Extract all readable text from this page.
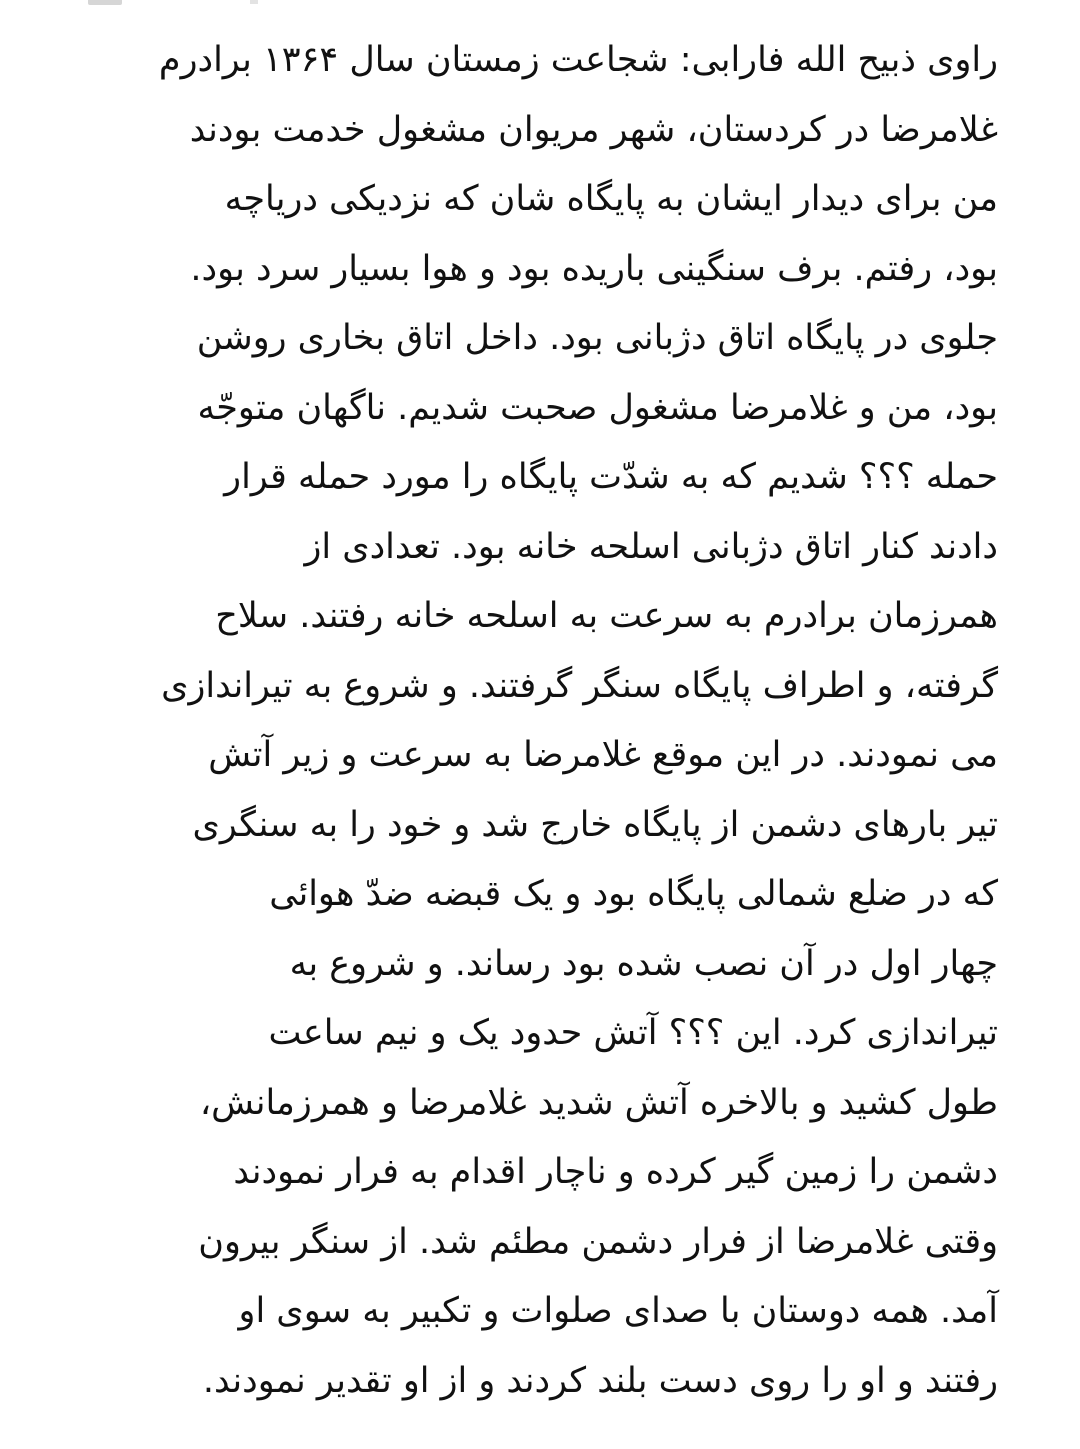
راوی ذبیح الله فارابی: شجاعت زمستان سال ۱۳۶۴ برادرم
غلامرضا در کردستان، شهر مریوان مشغول خدمت بودند
من برای دیدار ایشان به پایگاه شان که نزدیکی دریاچه
بود، رفتم. برف سنگینی باریده بود و هوا بسیار سرد بود.
جلوی در پایگاه اتاق دژبانی بود. داخل اتاق بخاری روشن
بود، من و غلامرضا مشغول صحبت شدیم. ناگهان متوجّه
حمله ؟؟؟ شدیم که به شدّت پایگاه را مورد حمله قرار
دادند کنار اتاق دژبانی اسلحه خانه بود. تعدادی از
همرزمان برادرم به سرعت به اسلحه خانه رفتند. سلاح
گرفته، و اطراف پایگاه سنگر گرفتند. و شروع به تیراندازی
می نمودند. در این موقع غلامرضا به سرعت و زیر آتش
تیر بارهای دشمن از پایگاه خارج شد و خود را به سنگری
که در ضلع شمالی پایگاه بود و یک قبضه ضدّ هوائی
چهار اول در آن نصب شده بود رساند. و شروع به
تیراندازی کرد. این ؟؟؟ آتش حدود یک و نیم ساعت
طول کشید و بالاخره آتش شدید غلامرضا و همرزمانش،
دشمن را زمین گیر کرده و ناچار اقدام به فرار نمودند
وقتی غلامرضا از فرار دشمن مطئم شد. از سنگر بیرون
آمد. همه دوستان با صدای صلوات و تکبیر به سوی او
رفتند و او را روی دست بلند کردند و از او تقدیر نمودند.
